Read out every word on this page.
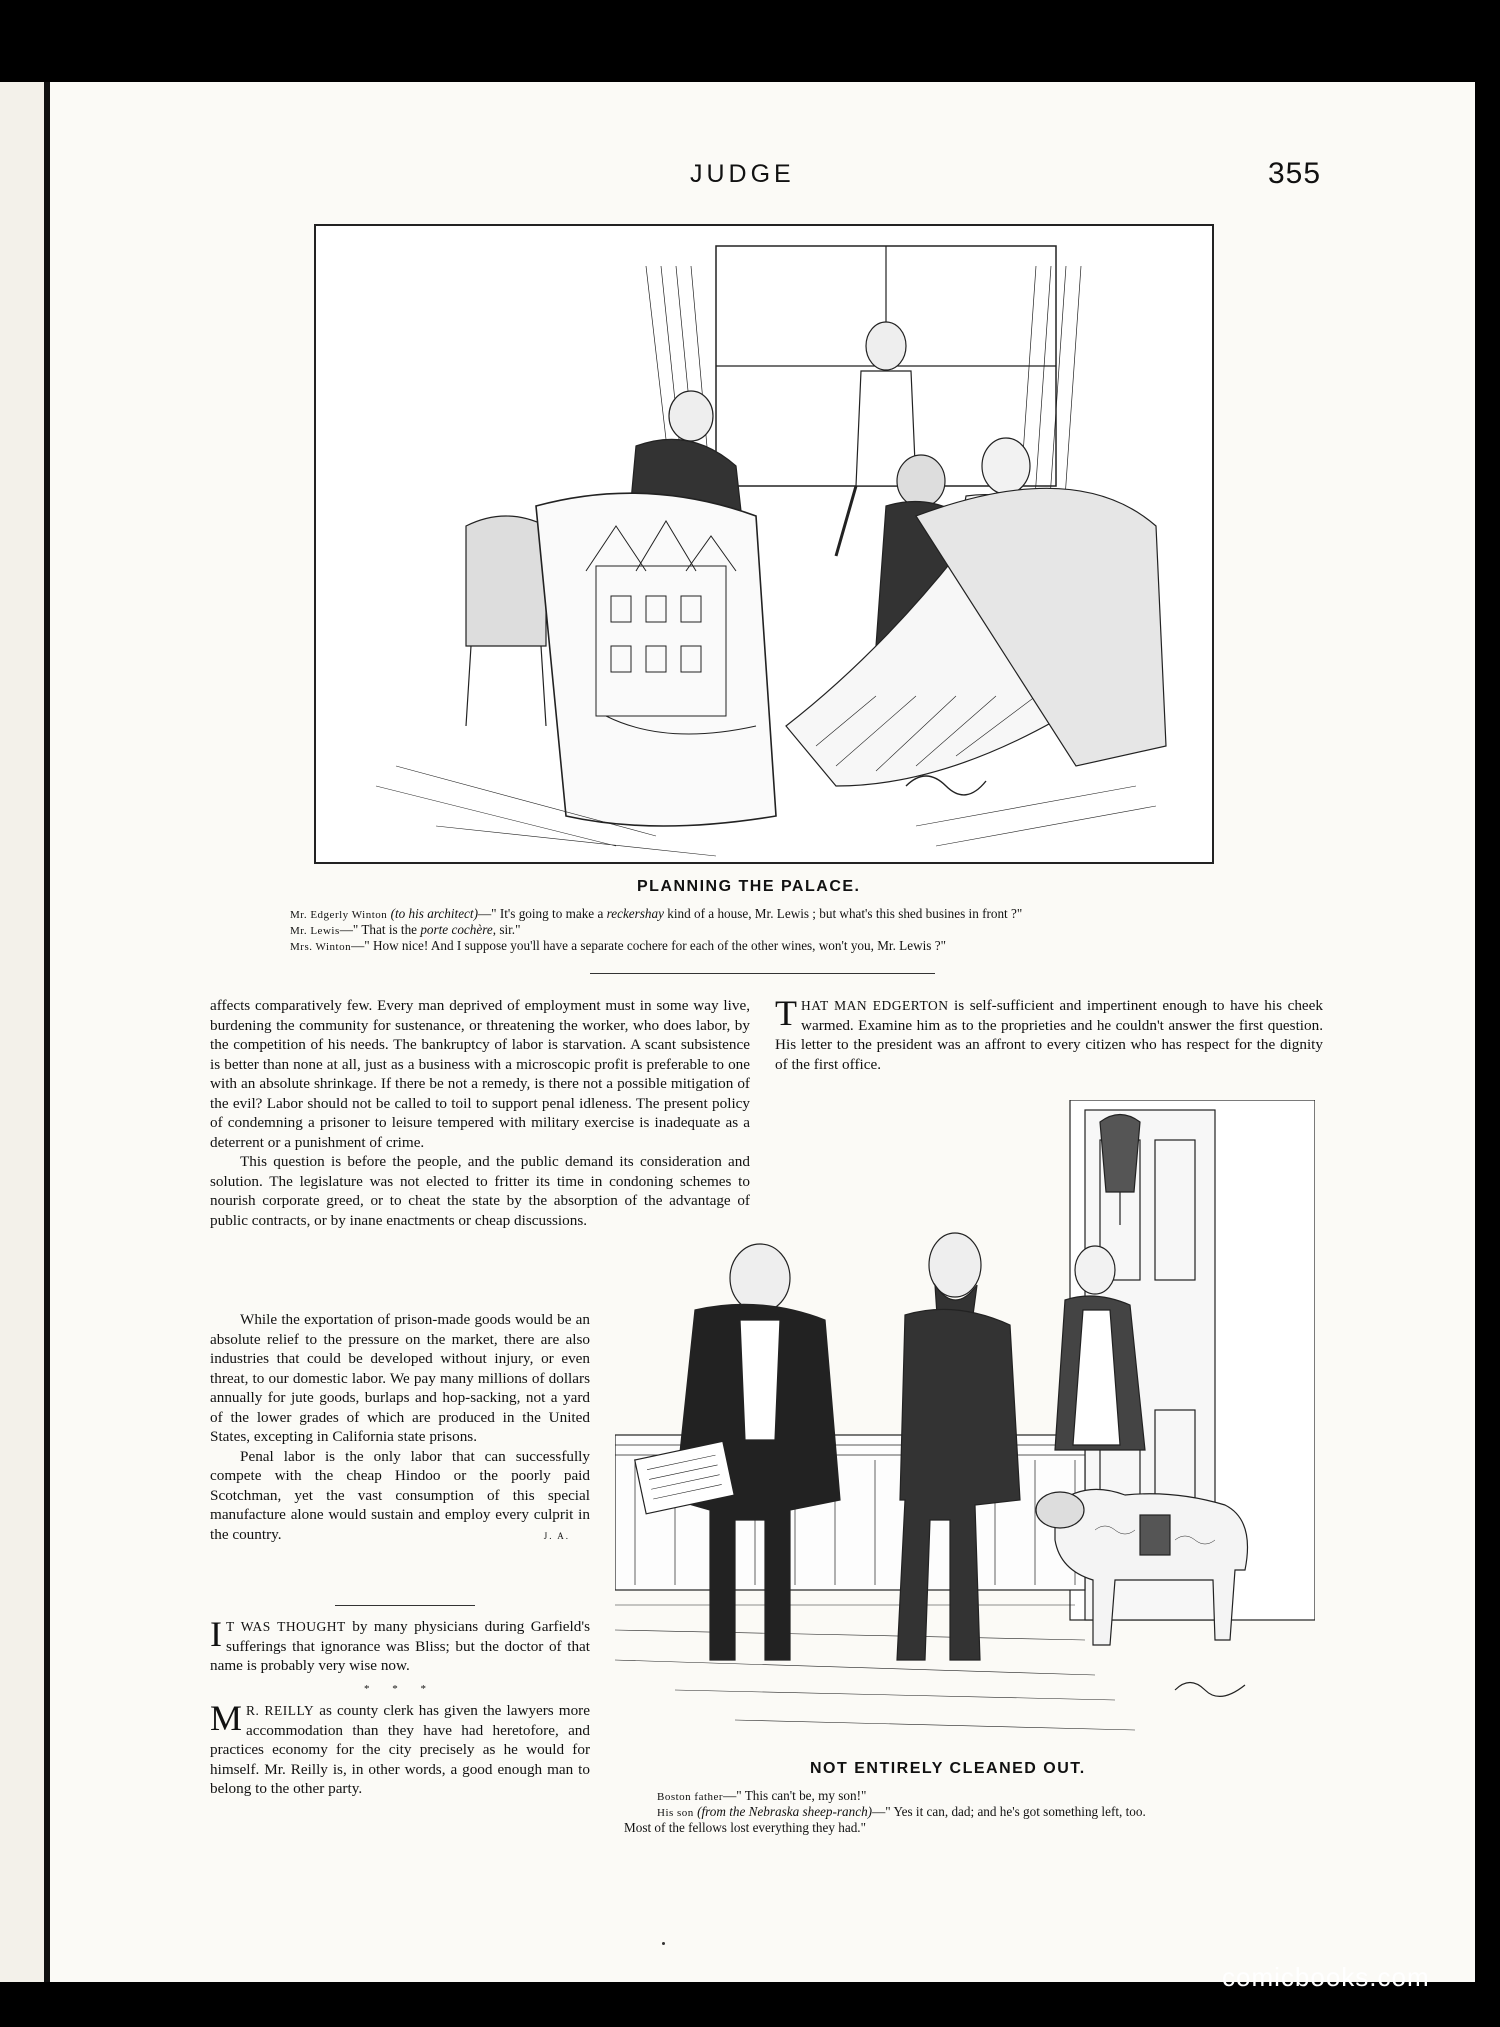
JUDGE	355
PLANNING THE PALACE.
Mr. Edgerly Winton (to his architect)—" It's going to make a reckershay kind of a house, Mr. Lewis ; but what's this shed busines in front ?"
Mr. Lewis—" That is the porte cochère, sir."
Mrs. Winton—" How nice! And I suppose you'll have a separate cochere for each of the other wines, won't you, Mr. Lewis ?"

affects comparatively few. Every man deprived of employment must in some way live, burdening the community for sustenance, or threatening the worker, who does labor, by the competition of his needs. The bankruptcy of labor is starvation. A scant subsistence is better than none at all, just as a business with a microscopic profit is preferable to one with an absolute shrinkage. If there be not a remedy, is there not a possible mitigation of the evil? Labor should not be called to toil to support penal idleness. The present policy of condemning a prisoner to leisure tempered with military exercise is inadequate as a deterrent or a punishment of crime.

This question is before the people, and the public demand its consideration and solution. The legislature was not elected to fritter its time in condoning schemes to nourish corporate greed, or to cheat the state by the absorption of the advantage of public contracts, or by inane enactments or cheap discussions.

While the exportation of prison-made goods would be an absolute relief to the pressure on the market, there are also industries that could be developed without injury, or even threat, to our domestic labor. We pay many millions of dollars annually for jute goods, burlaps and hop-sacking, not a yard of the lower grades of which are produced in the United States, excepting in California state prisons.

Penal labor is the only labor that can successfully compete with the cheap Hindoo or the poorly paid Scotchman, yet the vast consumption of this special manufacture alone would sustain and employ every culprit in the country.	J. A.

I T WAS THOUGHT by many physicians during Garfield's sufferings that ignorance was Bliss; but the doctor of that name is probably very wise now.

* * *

M R. REILLY as county clerk has given the lawyers more accommodation than they have had heretofore, and practices economy for the city precisely as he would for himself. Mr. Reilly is, in other words, a good enough man to belong to the other party.

THAT MAN EDGERTON is self-sufficient and impertinent enough to have his cheek warmed. Examine him as to the proprieties and he couldn't answer the first question. His letter to the president was an affront to every citizen who has respect for the dignity of the first office.

NOT ENTIRELY CLEANED OUT.
Boston father—" This can't be, my son!"
His son (from the Nebraska sheep-ranch)—" Yes it can, dad; and he's got something left, too.
Most of the fellows lost everything they had."
comicbooks.com
